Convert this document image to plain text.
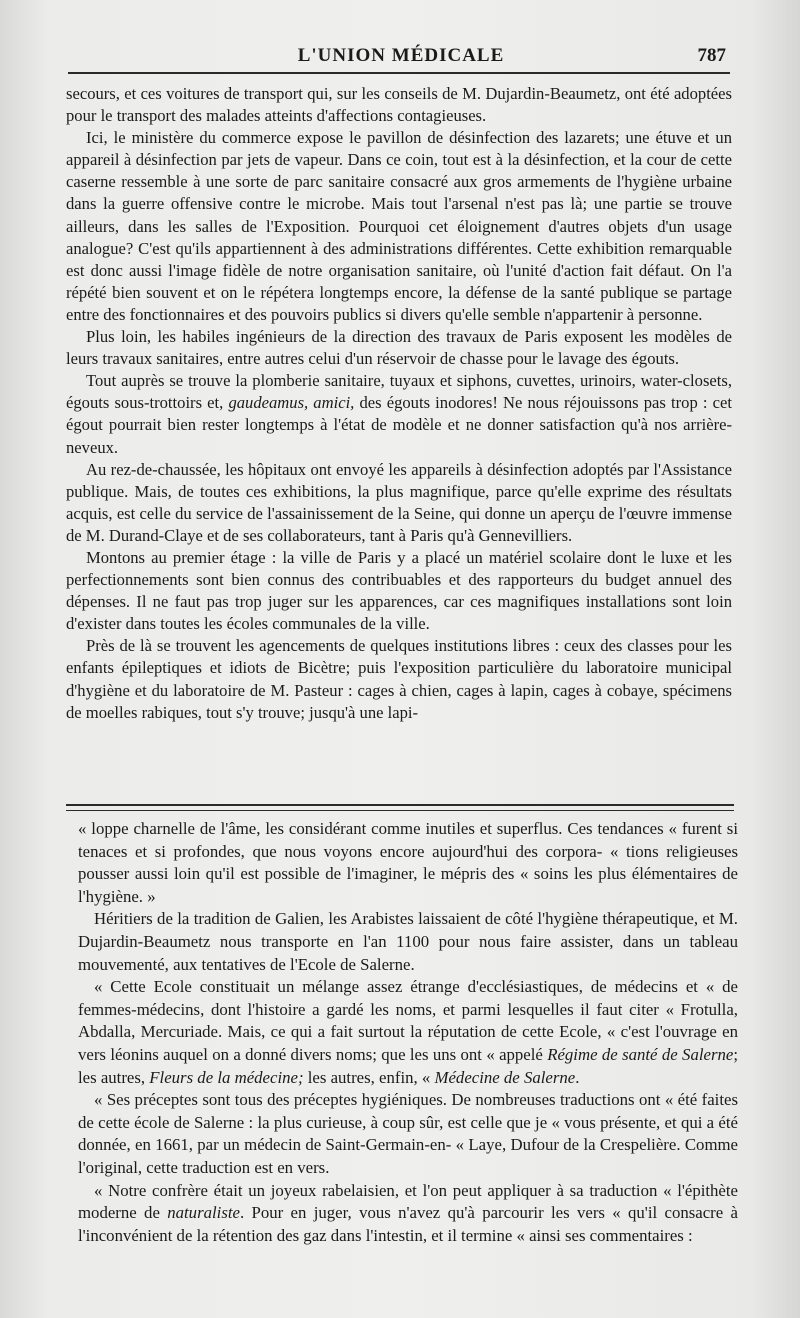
L'UNION MÉDICALE	787

secours, et ces voitures de transport qui, sur les conseils de M. Dujardin-Beaumetz, ont été adoptées pour le transport des malades atteints d'affections contagieuses.

Ici, le ministère du commerce expose le pavillon de désinfection des lazarets; une étuve et un appareil à désinfection par jets de vapeur. Dans ce coin, tout est à la désinfection, et la cour de cette caserne ressemble à une sorte de parc sanitaire consacré aux gros armements de l'hygiène urbaine dans la guerre offensive contre le microbe. Mais tout l'arsenal n'est pas là; une partie se trouve ailleurs, dans les salles de l'Exposition. Pourquoi cet éloignement d'autres objets d'un usage analogue? C'est qu'ils appartiennent à des administrations différentes. Cette exhibition remarquable est donc aussi l'image fidèle de notre organisation sanitaire, où l'unité d'action fait défaut. On l'a répété bien souvent et on le répétera longtemps encore, la défense de la santé publique se partage entre des fonctionnaires et des pouvoirs publics si divers qu'elle semble n'appartenir à personne.

Plus loin, les habiles ingénieurs de la direction des travaux de Paris exposent les modèles de leurs travaux sanitaires, entre autres celui d'un réservoir de chasse pour le lavage des égouts.

Tout auprès se trouve la plomberie sanitaire, tuyaux et siphons, cuvettes, urinoirs, water-closets, égouts sous-trottoirs et, gaudeamus, amici, des égouts inodores! Ne nous réjouissons pas trop : cet égout pourrait bien rester longtemps à l'état de modèle et ne donner satisfaction qu'à nos arrière-neveux.

Au rez-de-chaussée, les hôpitaux ont envoyé les appareils à désinfection adoptés par l'Assistance publique. Mais, de toutes ces exhibitions, la plus magnifique, parce qu'elle exprime des résultats acquis, est celle du service de l'assainissement de la Seine, qui donne un aperçu de l'œuvre immense de M. Durand-Claye et de ses collaborateurs, tant à Paris qu'à Gennevilliers.

Montons au premier étage : la ville de Paris y a placé un matériel scolaire dont le luxe et les perfectionnements sont bien connus des contribuables et des rapporteurs du budget annuel des dépenses. Il ne faut pas trop juger sur les apparences, car ces magnifiques installations sont loin d'exister dans toutes les écoles communales de la ville.

Près de là se trouvent les agencements de quelques institutions libres : ceux des classes pour les enfants épileptiques et idiots de Bicètre; puis l'exposition particulière du laboratoire municipal d'hygiène et du laboratoire de M. Pasteur : cages à chien, cages à lapin, cages à cobaye, spécimens de moelles rabiques, tout s'y trouve; jusqu'à une lapi-

« loppe charnelle de l'âme, les considérant comme inutiles et superflus. Ces tendances « furent si tenaces et si profondes, que nous voyons encore aujourd'hui des corpora- « tions religieuses pousser aussi loin qu'il est possible de l'imaginer, le mépris des « soins les plus élémentaires de l'hygiène. »

Héritiers de la tradition de Galien, les Arabistes laissaient de côté l'hygiène thérapeutique, et M. Dujardin-Beaumetz nous transporte en l'an 1100 pour nous faire assister, dans un tableau mouvementé, aux tentatives de l'Ecole de Salerne.

« Cette Ecole constituait un mélange assez étrange d'ecclésiastiques, de médecins et « de femmes-médecins, dont l'histoire a gardé les noms, et parmi lesquelles il faut citer « Frotulla, Abdalla, Mercuriade. Mais, ce qui a fait surtout la réputation de cette Ecole, « c'est l'ouvrage en vers léonins auquel on a donné divers noms; que les uns ont « appelé Régime de santé de Salerne; les autres, Fleurs de la médecine; les autres, enfin, « Médecine de Salerne.

« Ses préceptes sont tous des préceptes hygiéniques. De nombreuses traductions ont « été faites de cette école de Salerne : la plus curieuse, à coup sûr, est celle que je « vous présente, et qui a été donnée, en 1661, par un médecin de Saint-Germain-en- « Laye, Dufour de la Crespelière. Comme l'original, cette traduction est en vers.

« Notre confrère était un joyeux rabelaisien, et l'on peut appliquer à sa traduction « l'épithète moderne de naturaliste. Pour en juger, vous n'avez qu'à parcourir les vers « qu'il consacre à l'inconvénient de la rétention des gaz dans l'intestin, et il termine « ainsi ses commentaires :
